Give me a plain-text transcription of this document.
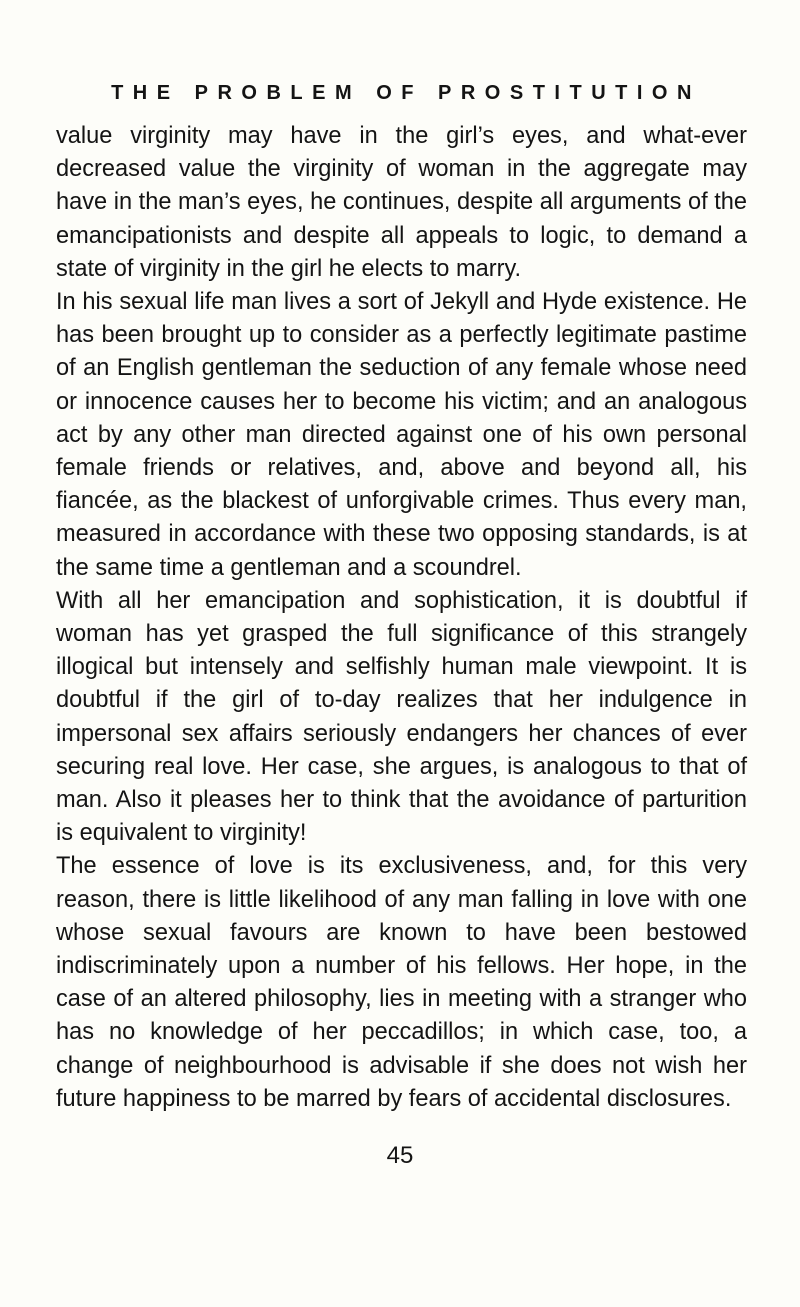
THE PROBLEM OF PROSTITUTION

value virginity may have in the girl’s eyes, and what-ever decreased value the virginity of woman in the aggregate may have in the man’s eyes, he continues, despite all arguments of the emancipationists and despite all appeals to logic, to demand a state of virginity in the girl he elects to marry.

In his sexual life man lives a sort of Jekyll and Hyde existence. He has been brought up to consider as a perfectly legitimate pastime of an English gentleman the seduction of any female whose need or innocence causes her to become his victim; and an analogous act by any other man directed against one of his own personal female friends or relatives, and, above and beyond all, his fiancée, as the blackest of unforgivable crimes. Thus every man, measured in accordance with these two opposing standards, is at the same time a gentleman and a scoundrel.

With all her emancipation and sophistication, it is doubtful if woman has yet grasped the full significance of this strangely illogical but intensely and selfishly human male viewpoint. It is doubtful if the girl of to-day realizes that her indulgence in impersonal sex affairs seriously endangers her chances of ever securing real love. Her case, she argues, is analogous to that of man. Also it pleases her to think that the avoidance of parturition is equivalent to virginity!

The essence of love is its exclusiveness, and, for this very reason, there is little likelihood of any man falling in love with one whose sexual favours are known to have been bestowed indiscriminately upon a number of his fellows. Her hope, in the case of an altered philosophy, lies in meeting with a stranger who has no knowledge of her peccadillos; in which case, too, a change of neighbourhood is advisable if she does not wish her future happiness to be marred by fears of accidental disclosures.

45
